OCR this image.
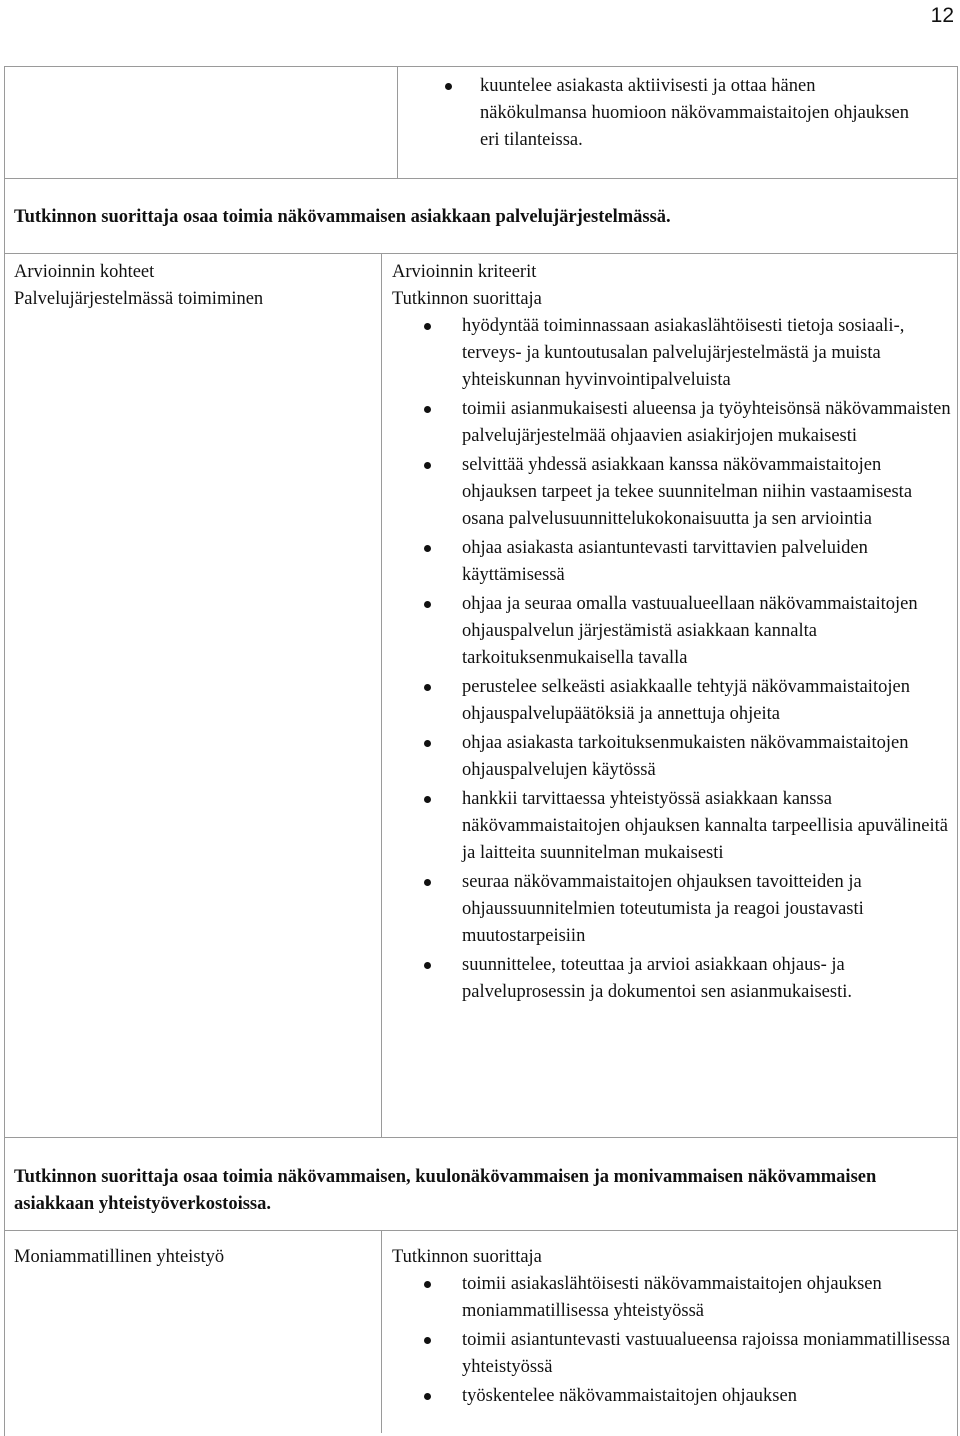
12
kuuntelee asiakasta aktiivisesti ja ottaa hänen näkökulmansa huomioon näkövammaistaitojen ohjauksen eri tilanteissa.
Tutkinnon suorittaja osaa toimia näkövammaisen asiakkaan palvelujärjestelmässä.
Arvioinnin kohteet
Palvelujärjestelmässä toimiminen
Arvioinnin kriteerit
Tutkinnon suorittaja
hyödyntää toiminnassaan asiakaslähtöisesti tietoja sosiaali-, terveys- ja kuntoutusalan palvelujärjestelmästä ja muista yhteiskunnan hyvinvointipalveluista
toimii asianmukaisesti alueensa ja työyhteisönsä näkövammaisten palvelujärjestelmää ohjaavien asiakirjojen mukaisesti
selvittää yhdessä asiakkaan kanssa näkövammaistaitojen ohjauksen tarpeet ja tekee suunnitelman niihin vastaamisesta osana palvelusuunnittelukokonaisuutta ja sen arviointia
ohjaa asiakasta asiantuntevasti tarvittavien palveluiden käyttämisessä
ohjaa ja seuraa omalla vastuualueellaan näkövammaistaitojen ohjauspalvelun järjestämistä asiakkaan kannalta tarkoituksenmukaisella tavalla
perustelee selkeästi asiakkaalle tehtyjä näkövammaistaitojen ohjauspalvelupäätöksiä ja annettuja ohjeita
ohjaa asiakasta tarkoituksenmukaisten näkövammaistaitojen ohjauspalvelujen käytössä
hankkii tarvittaessa yhteistyössä asiakkaan kanssa näkövammaistaitojen ohjauksen kannalta tarpeellisia apuvälineitä ja laitteita suunnitelman mukaisesti
seuraa näkövammaistaitojen ohjauksen tavoitteiden ja ohjaussuunnitelmien toteutumista ja reagoi joustavasti muutostarpeisiin
suunnittelee, toteuttaa ja arvioi asiakkaan ohjaus- ja palveluprosessin ja dokumentoi sen asianmukaisesti.
Tutkinnon suorittaja osaa toimia näkövammaisen, kuulonäkövammaisen ja monivammaisen näkövammaisen asiakkaan yhteistyöverkostoissa.
Moniammatillinen yhteistyö	Tutkinnon suorittaja
toimii asiakaslähtöisesti näkövammaistaitojen ohjauksen moniammatillisessa yhteistyössä
toimii asiantuntevasti vastuualueensa rajoissa moniammatillisessa yhteistyössä
työskentelee näkövammaistaitojen ohjauksen
